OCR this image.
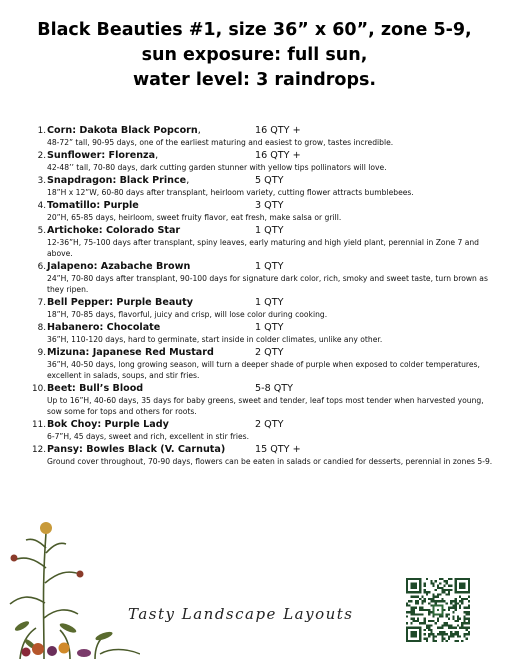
Black Beauties #1, size 36” x 60”, zone 5-9,
sun exposure: full sun,
water level: 3 raindrops.
1. Corn: Dakota Black Popcorn,	16 QTY +
48-72” tall, 90-95 days, one of the earliest maturing and easiest to grow, tastes incredible.
2. Sunflower: Florenza,	16 QTY +
42-48’’ tall, 70-80 days, dark cutting garden stunner with yellow tips pollinators will love.
3. Snapdragon: Black Prince,	5 QTY
18”H x 12”W, 60-80 days after transplant, heirloom variety, cutting flower attracts bumblebees.
4. Tomatillo: Purple	3 QTY
20”H, 65-85 days, heirloom, sweet fruity flavor, eat fresh, make salsa or grill.
5. Artichoke: Colorado Star	1 QTY
12-36”H, 75-100 days after transplant, spiny leaves, early maturing and high yield plant, perennial in Zone 7 and above.
6. Jalapeno: Azabache Brown	1 QTY
24”H, 70-80 days after transplant, 90-100 days for signature dark color, rich, smoky and sweet taste, turn brown as they ripen.
7. Bell Pepper: Purple Beauty	1 QTY
18”H, 70-85 days, flavorful, juicy and crisp, will lose color during cooking.
8. Habanero: Chocolate	1 QTY
36”H, 110-120 days, hard to germinate, start inside in colder climates, unlike any other.
9. Mizuna: Japanese Red Mustard	2 QTY
36”H, 40-50 days, long growing season, will turn a deeper shade of purple when exposed to colder temperatures, excellent in salads, soups, and stir fries.
10. Beet: Bull’s Blood	5-8 QTY
Up to 16”H, 40-60 days, 35 days for baby greens, sweet and tender, leaf tops most tender when harvested young, sow some for tops and others for roots.
11. Bok Choy: Purple Lady	2 QTY
6-7”H, 45 days, sweet and rich, excellent in stir fries.
12. Pansy: Bowles Black (V. Carnuta)	15 QTY +
Ground cover throughout, 70-90 days, flowers can be eaten in salads or candied for desserts, perennial in zones 5-9.
Tasty Landscape Layouts
